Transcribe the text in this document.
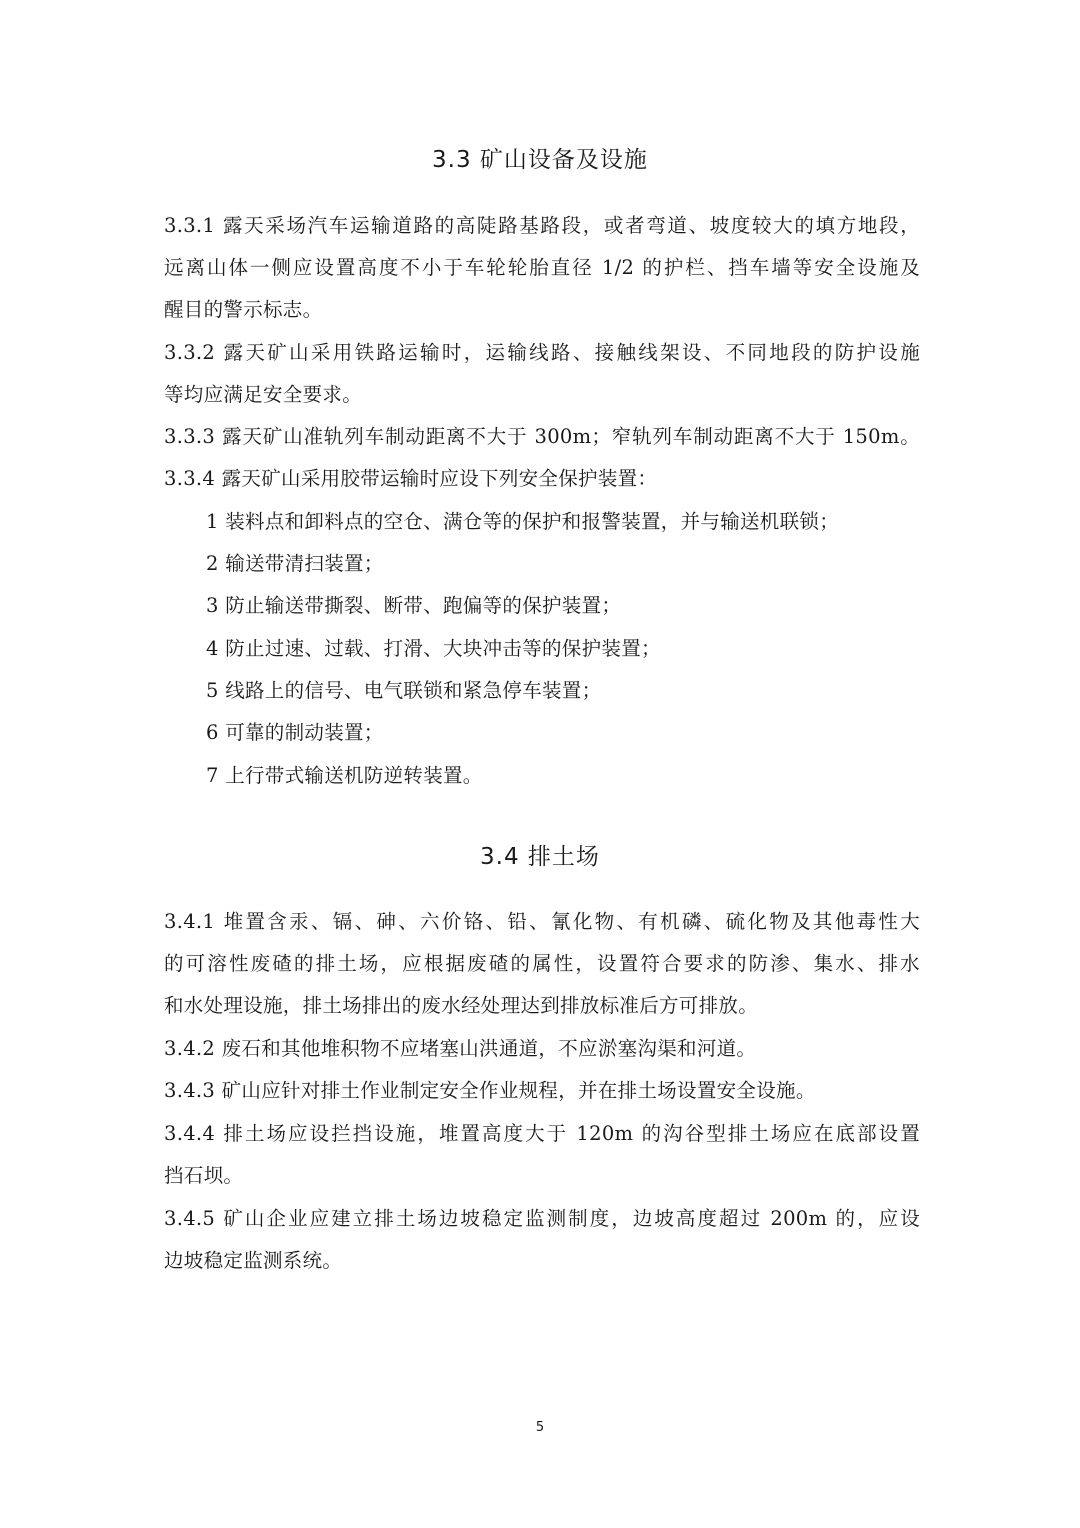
3.3 矿山设备及设施

3.3.1 露天采场汽车运输道路的高陡路基路段，或者弯道、坡度较大的填方地段，

远离山体一侧应设置高度不小于车轮轮胎直径 1/2 的护栏、挡车墙等安全设施及

醒目的警示标志。

3.3.2 露天矿山采用铁路运输时，运输线路、接触线架设、不同地段的防护设施

等均应满足安全要求。

3.3.3 露天矿山准轨列车制动距离不大于 300m；窄轨列车制动距离不大于 150m。

3.3.4 露天矿山采用胶带运输时应设下列安全保护装置：

1 装料点和卸料点的空仓、满仓等的保护和报警装置，并与输送机联锁；

2 输送带清扫装置；

3 防止输送带撕裂、断带、跑偏等的保护装置；

4 防止过速、过载、打滑、大块冲击等的保护装置；

5 线路上的信号、电气联锁和紧急停车装置；

6 可靠的制动装置；

7 上行带式输送机防逆转装置。

3.4 排土场

3.4.1 堆置含汞、镉、砷、六价铬、铅、氰化物、有机磷、硫化物及其他毒性大

的可溶性废碴的排土场，应根据废碴的属性，设置符合要求的防渗、集水、排水

和水处理设施，排土场排出的废水经处理达到排放标准后方可排放。

3.4.2 废石和其他堆积物不应堵塞山洪通道，不应淤塞沟渠和河道。

3.4.3 矿山应针对排土作业制定安全作业规程，并在排土场设置安全设施。

3.4.4 排土场应设拦挡设施，堆置高度大于 120m 的沟谷型排土场应在底部设置

挡石坝。

3.4.5 矿山企业应建立排土场边坡稳定监测制度，边坡高度超过 200m 的，应设

边坡稳定监测系统。

5
